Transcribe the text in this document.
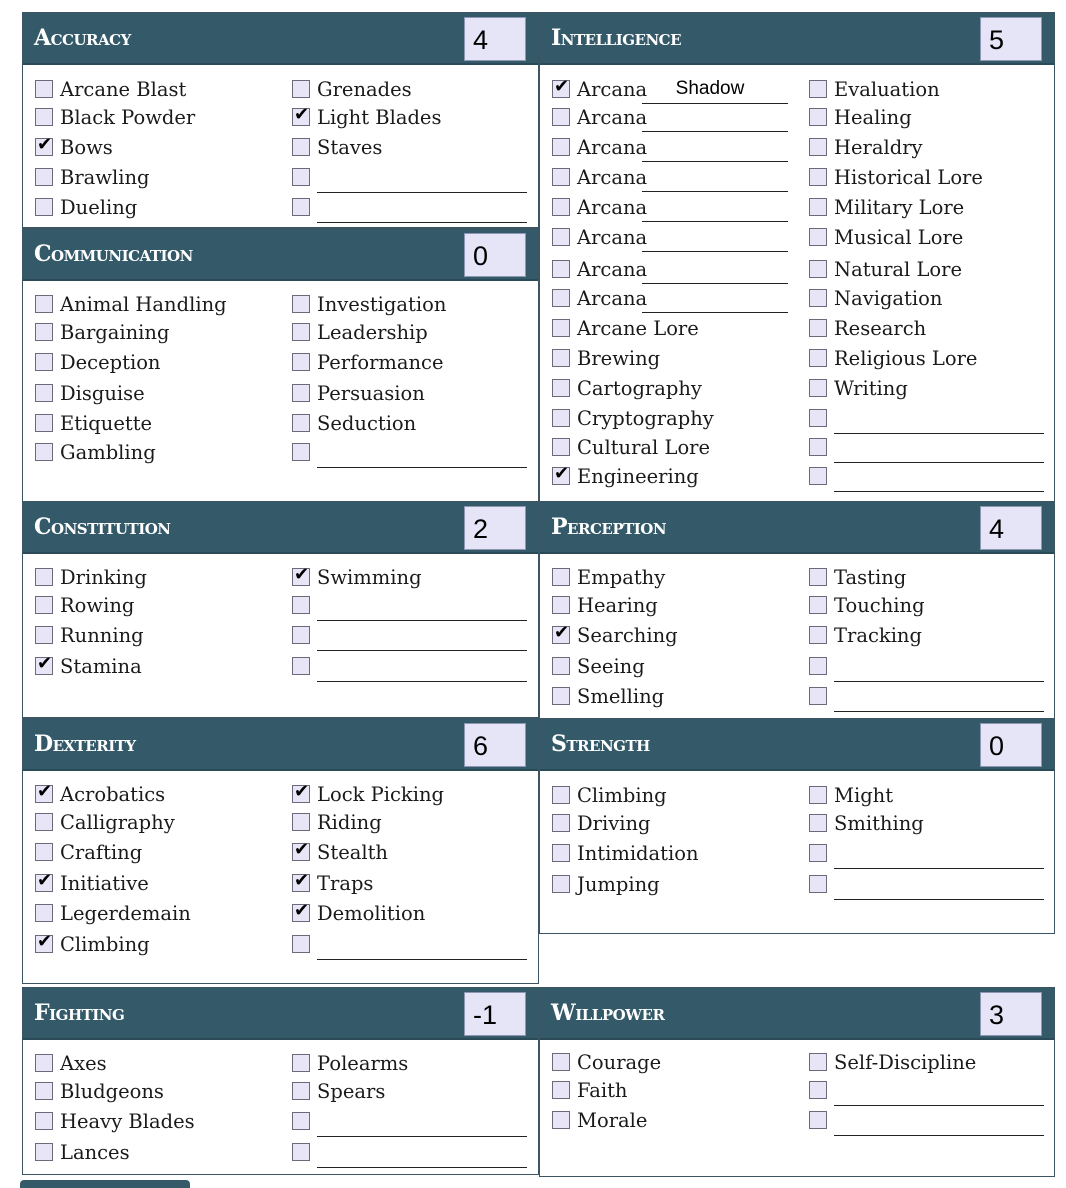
Accuracy	4
Arcane Blast
Black Powder
✔ Bows
Brawling
Dueling
Grenades
✔ Light Blades
Staves
Communication	0
Animal Handling
Bargaining
Deception
Disguise
Etiquette
Gambling
Investigation
Leadership
Performance
Persuasion
Seduction
Constitution	2
Drinking
Rowing
Running
✔ Stamina
✔ Swimming
Dexterity	6
✔ Acrobatics
Calligraphy
Crafting
✔ Initiative
Legerdemain
✔ Climbing
✔ Lock Picking
Riding
✔ Stealth
✔ Traps
✔ Demolition
Fighting	-1
Axes
Bludgeons
Heavy Blades
Lances
Polearms
Spears
Intelligence	5
✔ Arcana	Shadow
Arcana
Arcana
Arcana
Arcana
Arcana
Arcana
Arcana
Arcane Lore
Brewing
Cartography
Cryptography
Cultural Lore
✔ Engineering
Evaluation
Healing
Heraldry
Historical Lore
Military Lore
Musical Lore
Natural Lore
Navigation
Research
Religious Lore
Writing
Perception	4
Empathy
Hearing
✔ Searching
Seeing
Smelling
Tasting
Touching
Tracking
Strength	0
Climbing
Driving
Intimidation
Jumping
Might
Smithing
Willpower	3
Courage
Faith
Morale
Self-Discipline
